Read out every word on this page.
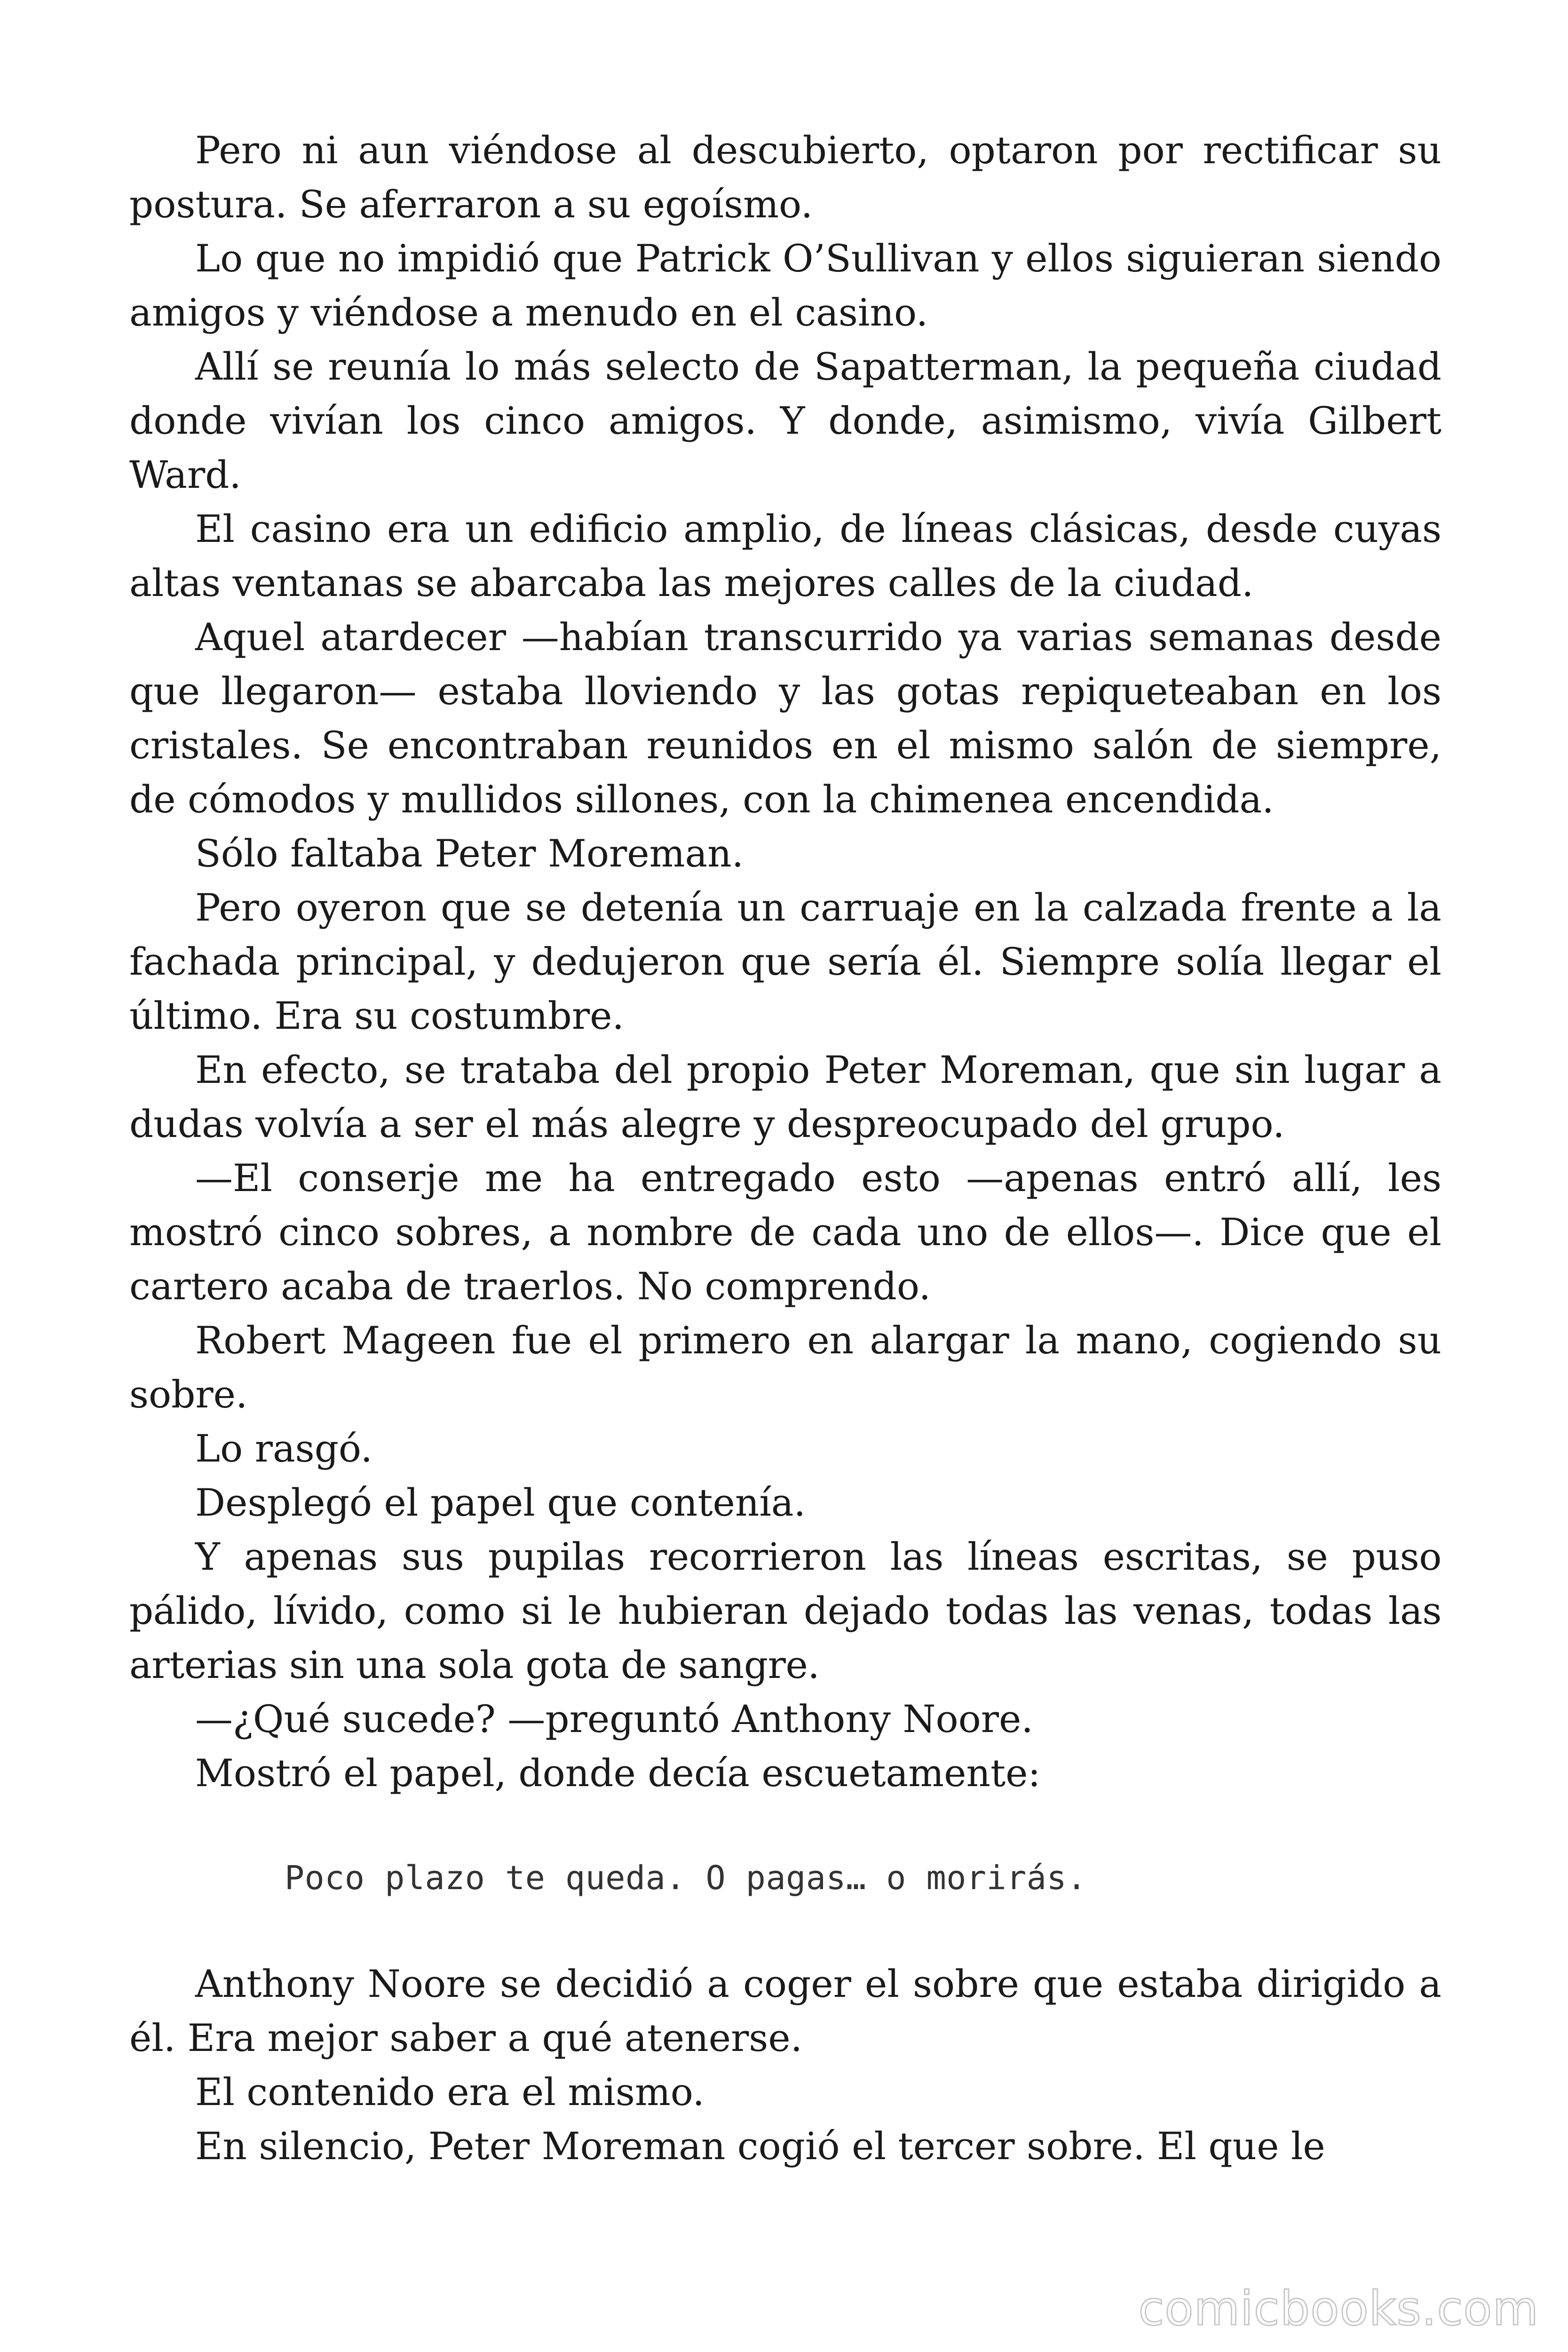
Pero ni aun viéndose al descubierto, optaron por rectificar su postura. Se aferraron a su egoísmo.

Lo que no impidió que Patrick O’Sullivan y ellos siguieran siendo amigos y viéndose a menudo en el casino.

Allí se reunía lo más selecto de Sapatterman, la pequeña ciudad donde vivían los cinco amigos. Y donde, asimismo, vivía Gilbert Ward.

El casino era un edificio amplio, de líneas clásicas, desde cuyas altas ventanas se abarcaba las mejores calles de la ciudad.

Aquel atardecer —habían transcurrido ya varias semanas desde que llegaron— estaba lloviendo y las gotas repiqueteaban en los cristales. Se encontraban reunidos en el mismo salón de siempre, de cómodos y mullidos sillones, con la chimenea encendida.

Sólo faltaba Peter Moreman.

Pero oyeron que se detenía un carruaje en la calzada frente a la fachada principal, y dedujeron que sería él. Siempre solía llegar el último. Era su costumbre.

En efecto, se trataba del propio Peter Moreman, que sin lugar a dudas volvía a ser el más alegre y despreocupado del grupo.

—El conserje me ha entregado esto —apenas entró allí, les mostró cinco sobres, a nombre de cada uno de ellos—. Dice que el cartero acaba de traerlos. No comprendo.

Robert Mageen fue el primero en alargar la mano, cogiendo su sobre.

Lo rasgó.

Desplegó el papel que contenía.

Y apenas sus pupilas recorrieron las líneas escritas, se puso pálido, lívido, como si le hubieran dejado todas las venas, todas las arterias sin una sola gota de sangre.

—¿Qué sucede? —preguntó Anthony Noore.

Mostró el papel, donde decía escuetamente:

Poco plazo te queda. O pagas… o morirás.

Anthony Noore se decidió a coger el sobre que estaba dirigido a él. Era mejor saber a qué atenerse.

El contenido era el mismo.

En silencio, Peter Moreman cogió el tercer sobre. El que le

comicbooks.com
